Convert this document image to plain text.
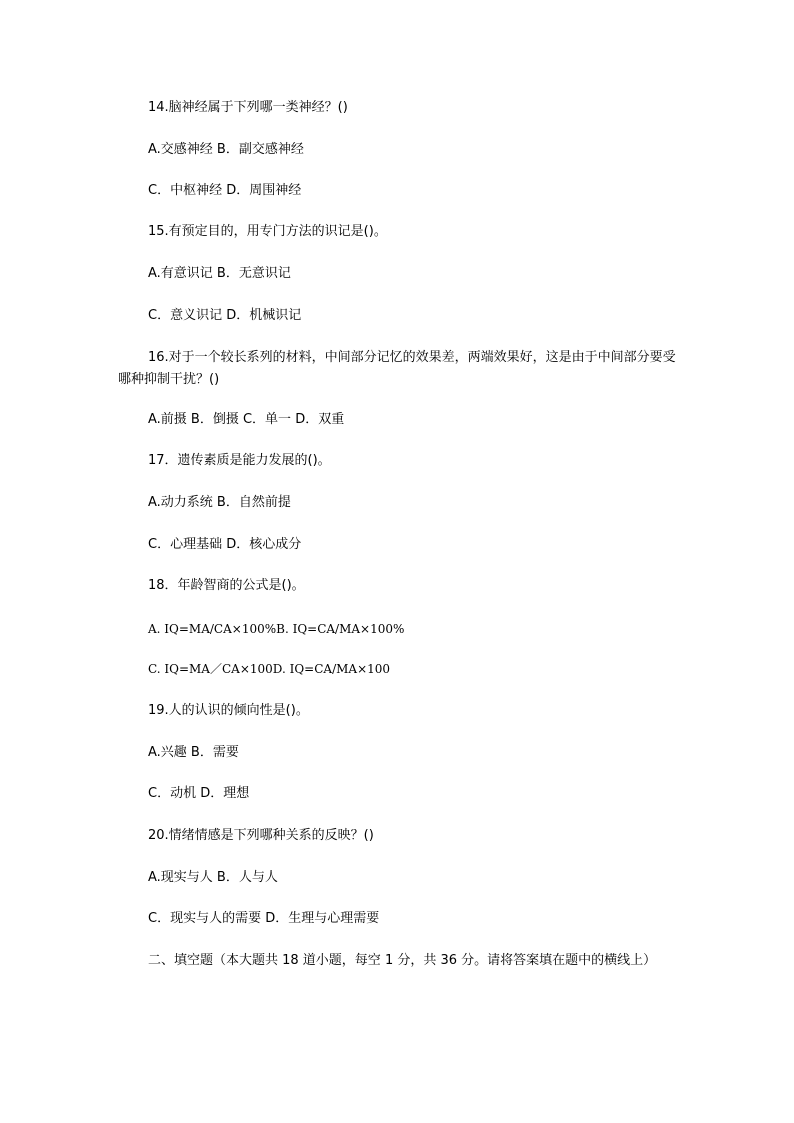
14.脑神经属于下列哪一类神经？()
A.交感神经 B．副交感神经
C．中枢神经 D．周围神经
15.有预定目的，用专门方法的识记是()。
A.有意识记 B．无意识记
C．意义识记 D．机械识记
16.对于一个较长系列的材料，中间部分记忆的效果差，两端效果好，这是由于中间部分要受哪种抑制干扰？()
A.前摄 B．倒摄 C．单一 D．双重
17．遗传素质是能力发展的()。
A.动力系统 B．自然前提
C．心理基础 D．核心成分
18．年龄智商的公式是()。
A. IQ=MA/CA×100%B. IQ=CA/MA×100%
C. IQ=MA／CA×100D. IQ=CA/MA×100
19.人的认识的倾向性是()。
A.兴趣 B．需要
C．动机 D．理想
20.情绪情感是下列哪种关系的反映？()
A.现实与人 B．人与人
C．现实与人的需要 D．生理与心理需要
二、填空题（本大题共 18 道小题，每空 1 分，共 36 分。请将答案填在题中的横线上）
